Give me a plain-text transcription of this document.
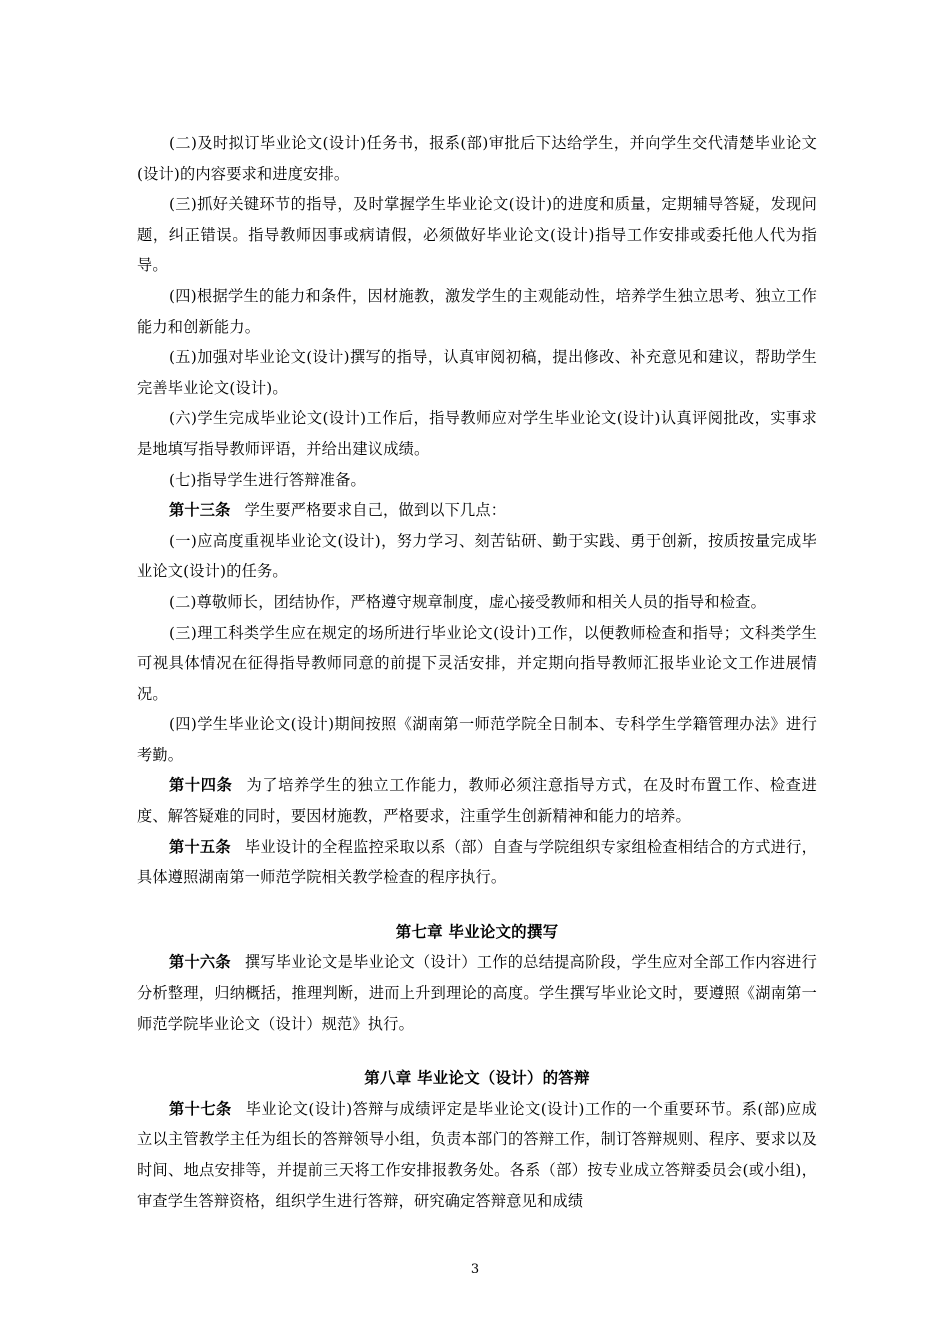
(二)及时拟订毕业论文(设计)任务书，报系(部)审批后下达给学生，并向学生交代清楚毕业论文(设计)的内容要求和进度安排。

(三)抓好关键环节的指导，及时掌握学生毕业论文(设计)的进度和质量，定期辅导答疑，发现问题，纠正错误。指导教师因事或病请假，必须做好毕业论文(设计)指导工作安排或委托他人代为指导。

(四)根据学生的能力和条件，因材施教，激发学生的主观能动性，培养学生独立思考、独立工作能力和创新能力。

(五)加强对毕业论文(设计)撰写的指导，认真审阅初稿，提出修改、补充意见和建议，帮助学生完善毕业论文(设计)。

(六)学生完成毕业论文(设计)工作后，指导教师应对学生毕业论文(设计)认真评阅批改，实事求是地填写指导教师评语，并给出建议成绩。

(七)指导学生进行答辩准备。

第十三条 学生要严格要求自己，做到以下几点：

(一)应高度重视毕业论文(设计)，努力学习、刻苦钻研、勤于实践、勇于创新，按质按量完成毕业论文(设计)的任务。

(二)尊敬师长，团结协作，严格遵守规章制度，虚心接受教师和相关人员的指导和检查。

(三)理工科类学生应在规定的场所进行毕业论文(设计)工作，以便教师检查和指导；文科类学生可视具体情况在征得指导教师同意的前提下灵活安排，并定期向指导教师汇报毕业论文工作进展情况。

(四)学生毕业论文(设计)期间按照《湖南第一师范学院全日制本、专科学生学籍管理办法》进行考勤。

第十四条 为了培养学生的独立工作能力，教师必须注意指导方式，在及时布置工作、检查进度、解答疑难的同时，要因材施教，严格要求，注重学生创新精神和能力的培养。

第十五条 毕业设计的全程监控采取以系（部）自查与学院组织专家组检查相结合的方式进行，具体遵照湖南第一师范学院相关教学检查的程序执行。

第七章 毕业论文的撰写

第十六条 撰写毕业论文是毕业论文（设计）工作的总结提高阶段，学生应对全部工作内容进行分析整理，归纳概括，推理判断，进而上升到理论的高度。学生撰写毕业论文时，要遵照《湖南第一师范学院毕业论文（设计）规范》执行。

第八章 毕业论文（设计）的答辩

第十七条 毕业论文(设计)答辩与成绩评定是毕业论文(设计)工作的一个重要环节。系(部)应成立以主管教学主任为组长的答辩领导小组，负责本部门的答辩工作，制订答辩规则、程序、要求以及时间、地点安排等，并提前三天将工作安排报教务处。各系（部）按专业成立答辩委员会(或小组)，审查学生答辩资格，组织学生进行答辩，研究确定答辩意见和成绩

3
